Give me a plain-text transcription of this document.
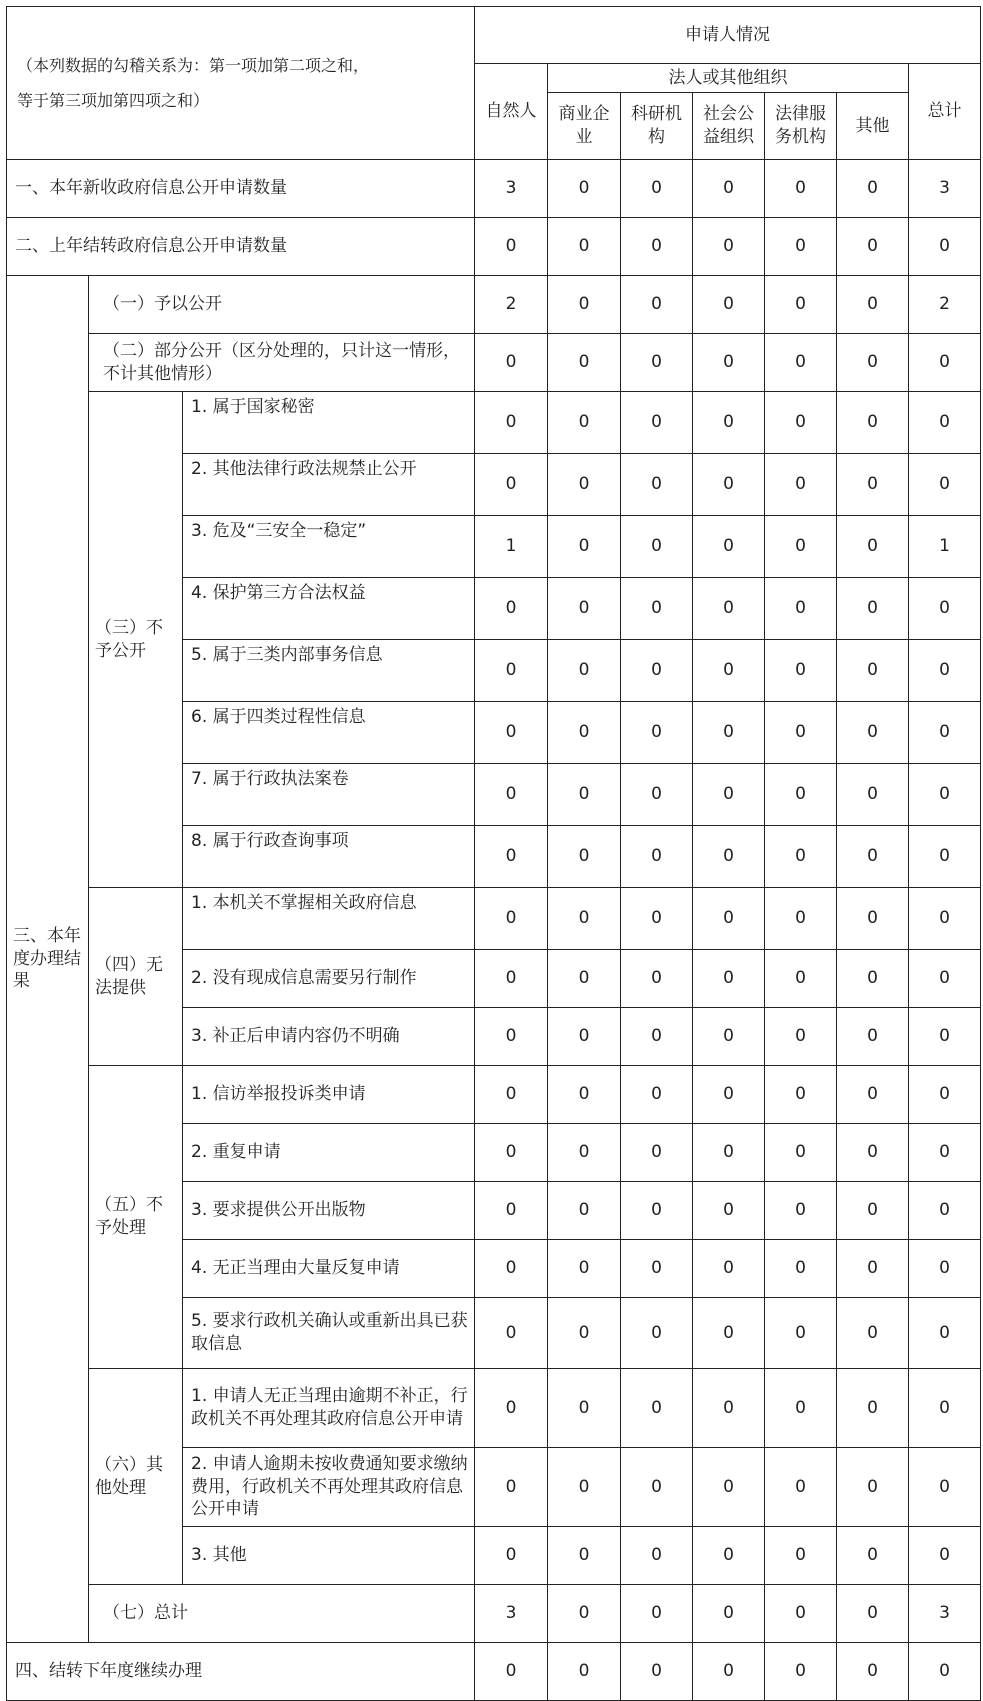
（本列数据的勾稽关系为：第一项加第二项之和，
等于第三项加第四项之和）			申请人情况						
			自然人	法人或其他组织					总计
				商业企业	科研机构	社会公益组织	法律服务机构	其他	
一、本年新收政府信息公开申请数量			3	0	0	0	0	0	3
二、上年结转政府信息公开申请数量			0	0	0	0	0	0	0
三、本年度办理结果	（一）予以公开		2	0	0	0	0	0	2
	（二）部分公开（区分处理的，只计这一情形，不计其他情形）		0	0	0	0	0	0	0
	（三）不予公开	1. 属于国家秘密	0	0	0	0	0	0	0
		2. 其他法律行政法规禁止公开	0	0	0	0	0	0	0
		3. 危及“三安全一稳定”	1	0	0	0	0	0	1
		4. 保护第三方合法权益	0	0	0	0	0	0	0
		5. 属于三类内部事务信息	0	0	0	0	0	0	0
		6. 属于四类过程性信息	0	0	0	0	0	0	0
		7. 属于行政执法案卷	0	0	0	0	0	0	0
		8. 属于行政查询事项	0	0	0	0	0	0	0
	（四）无法提供	1. 本机关不掌握相关政府信息	0	0	0	0	0	0	0
		2. 没有现成信息需要另行制作	0	0	0	0	0	0	0
		3. 补正后申请内容仍不明确	0	0	0	0	0	0	0
	（五）不予处理	1. 信访举报投诉类申请	0	0	0	0	0	0	0
		2. 重复申请	0	0	0	0	0	0	0
		3. 要求提供公开出版物	0	0	0	0	0	0	0
		4. 无正当理由大量反复申请	0	0	0	0	0	0	0
		5. 要求行政机关确认或重新出具已获取信息	0	0	0	0	0	0	0
	（六）其他处理	1. 申请人无正当理由逾期不补正，行政机关不再处理其政府信息公开申请	0	0	0	0	0	0	0
		2. 申请人逾期未按收费通知要求缴纳费用，行政机关不再处理其政府信息公开申请	0	0	0	0	0	0	0
		3. 其他	0	0	0	0	0	0	0
	（七）总计		3	0	0	0	0	0	3
四、结转下年度继续办理			0	0	0	0	0	0	0
